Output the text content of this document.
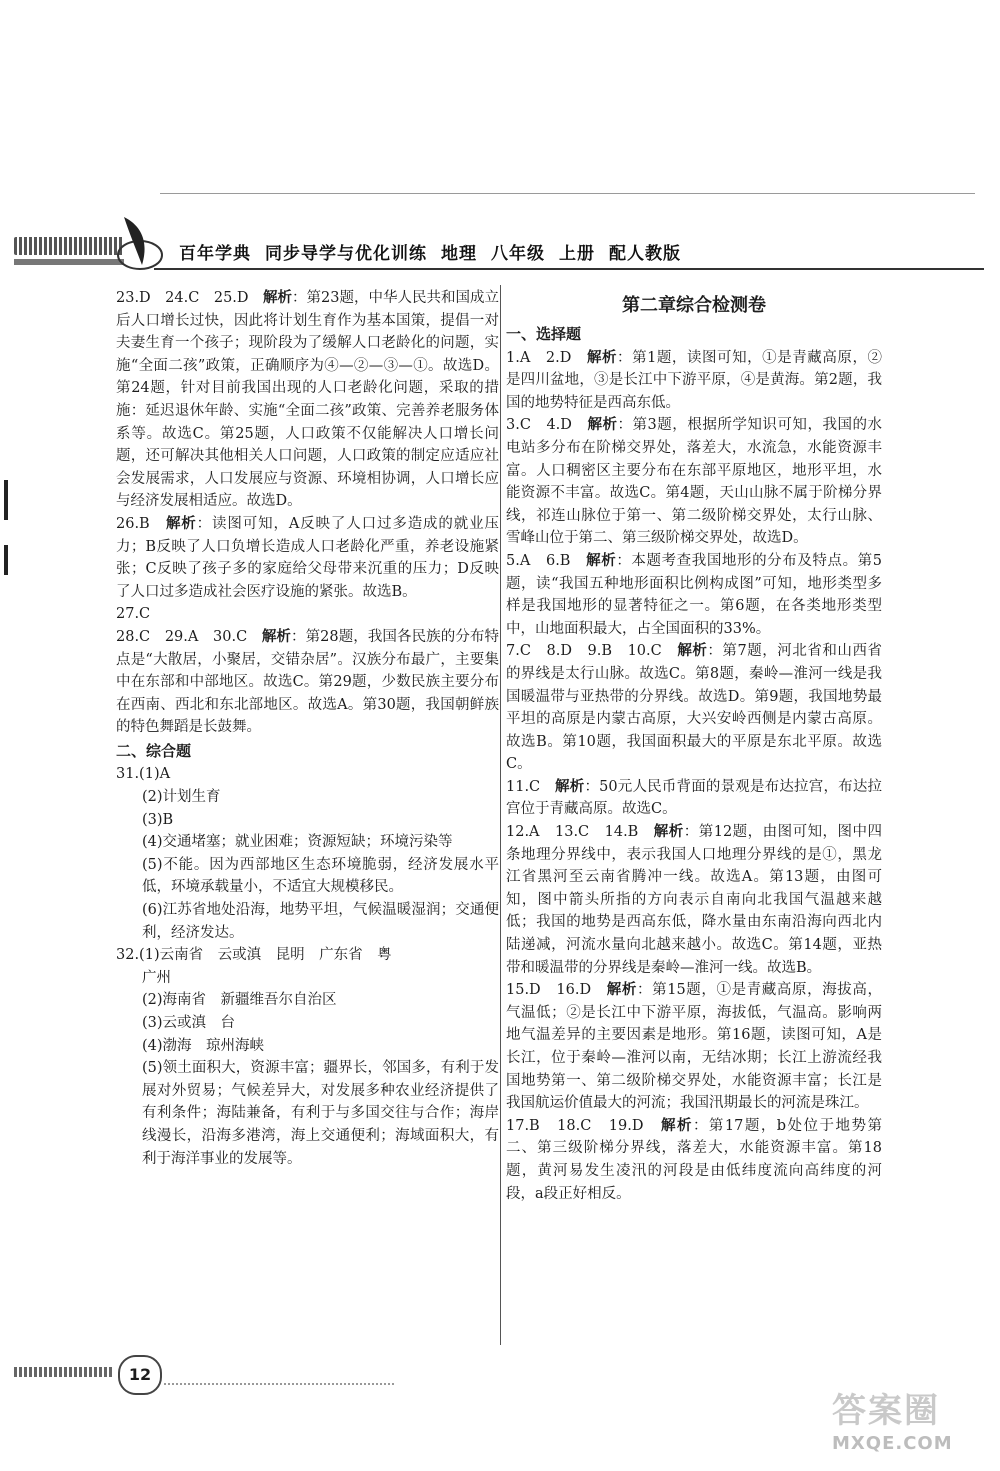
百年学典 同步导学与优化训练 地理 八年级 上册 配人教版
23.D　24.C　25.D　解析：第23题，中华人民共和国成立后人口增长过快，因此将计划生育作为基本国策，提倡一对夫妻生育一个孩子；现阶段为了缓解人口老龄化的问题，实施“全面二孩”政策，正确顺序为④—②—③—①。故选D。第24题，针对目前我国出现的人口老龄化问题，采取的措施：延迟退休年龄、实施“全面二孩”政策、完善养老服务体系等。故选C。第25题，人口政策不仅能解决人口增长问题，还可解决其他相关人口问题，人口政策的制定应适应社会发展需求，人口发展应与资源、环境相协调，人口增长应与经济发展相适应。故选D。
26.B　解析：读图可知，A反映了人口过多造成的就业压力；B反映了人口负增长造成人口老龄化严重，养老设施紧张；C反映了孩子多的家庭给父母带来沉重的压力；D反映了人口过多造成社会医疗设施的紧张。故选B。
27.C
28.C　29.A　30.C　解析：第28题，我国各民族的分布特点是“大散居，小聚居，交错杂居”。汉族分布最广，主要集中在东部和中部地区。故选C。第29题，少数民族主要分布在西南、西北和东北部地区。故选A。第30题，我国朝鲜族的特色舞蹈是长鼓舞。
二、综合题
31.(1)A
(2)计划生育
(3)B
(4)交通堵塞；就业困难；资源短缺；环境污染等
(5)不能。因为西部地区生态环境脆弱，经济发展水平低，环境承载量小，不适宜大规模移民。
(6)江苏省地处沿海，地势平坦，气候温暖湿润；交通便利，经济发达。
32.(1)云南省　云或滇　昆明　广东省　粤
广州
(2)海南省　新疆维吾尔自治区
(3)云或滇　台
(4)渤海　琼州海峡
(5)领土面积大，资源丰富；疆界长，邻国多，有利于发展对外贸易；气候差异大，对发展多种农业经济提供了有利条件；海陆兼备，有利于与多国交往与合作；海岸线漫长，沿海多港湾，海上交通便利；海域面积大，有利于海洋事业的发展等。
第二章综合检测卷
一、选择题
1.A　2.D　解析：第1题，读图可知，①是青藏高原，②是四川盆地，③是长江中下游平原，④是黄海。第2题，我国的地势特征是西高东低。
3.C　4.D　解析：第3题，根据所学知识可知，我国的水电站多分布在阶梯交界处，落差大，水流急，水能资源丰富。人口稠密区主要分布在东部平原地区，地形平坦，水能资源不丰富。故选C。第4题，天山山脉不属于阶梯分界线，祁连山脉位于第一、第二级阶梯交界处，太行山脉、雪峰山位于第二、第三级阶梯交界处，故选D。
5.A　6.B　解析：本题考查我国地形的分布及特点。第5题，读“我国五种地形面积比例构成图”可知，地形类型多样是我国地形的显著特征之一。第6题，在各类地形类型中，山地面积最大，占全国面积的33%。
7.C　8.D　9.B　10.C　解析：第7题，河北省和山西省的界线是太行山脉。故选C。第8题，秦岭—淮河一线是我国暖温带与亚热带的分界线。故选D。第9题，我国地势最平坦的高原是内蒙古高原，大兴安岭西侧是内蒙古高原。故选B。第10题，我国面积最大的平原是东北平原。故选C。
11.C　解析：50元人民币背面的景观是布达拉宫，布达拉宫位于青藏高原。故选C。
12.A　13.C　14.B　解析：第12题，由图可知，图中四条地理分界线中，表示我国人口地理分界线的是①，黑龙江省黑河至云南省腾冲一线。故选A。第13题，由图可知，图中箭头所指的方向表示自南向北我国气温越来越低；我国的地势是西高东低，降水量由东南沿海向西北内陆递减，河流水量向北越来越小。故选C。第14题，亚热带和暖温带的分界线是秦岭—淮河一线。故选B。
15.D　16.D　解析：第15题，①是青藏高原，海拔高，气温低；②是长江中下游平原，海拔低，气温高。影响两地气温差异的主要因素是地形。第16题，读图可知，A是长江，位于秦岭—淮河以南，无结冰期；长江上游流经我国地势第一、第二级阶梯交界处，水能资源丰富；长江是我国航运价值最大的河流；我国汛期最长的河流是珠江。
17.B　18.C　19.D　解析：第17题，b处位于地势第二、第三级阶梯分界线，落差大，水能资源丰富。第18题，黄河易发生凌汛的河段是由低纬度流向高纬度的河段，a段正好相反。
12
答案圈
MXQE.COM
